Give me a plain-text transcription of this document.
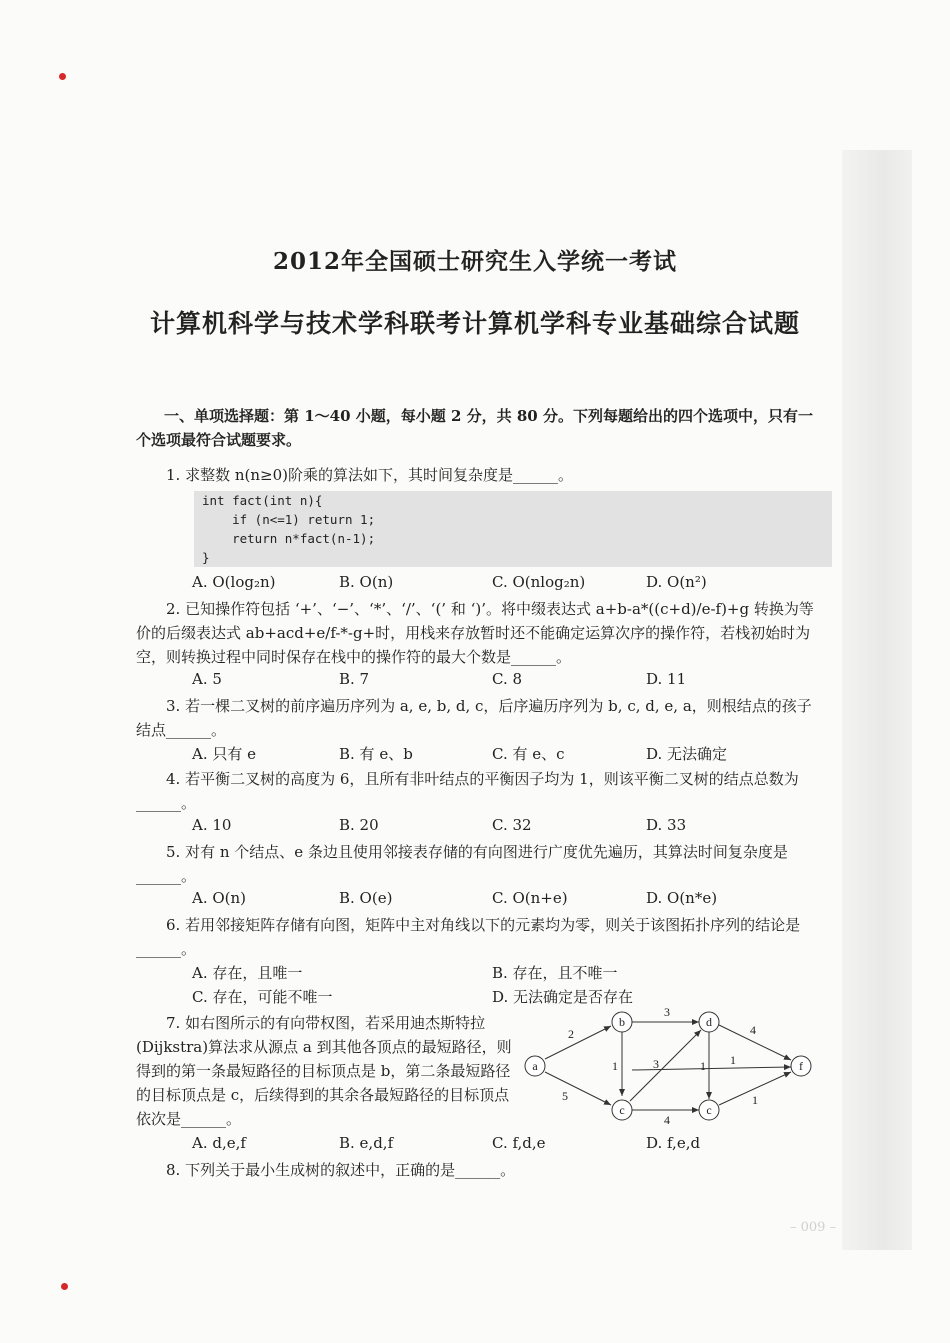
2012年全国硕士研究生入学统一考试
计算机科学与技术学科联考计算机学科专业基础综合试题
一、单项选择题：第 1～40 小题，每小题 2 分，共 80 分。下列每题给出的四个选项中，只有一个选项最符合试题要求。
1. 求整数 n(n≥0)阶乘的算法如下，其时间复杂度是______。
int fact(int n){
if (n<=1) return 1;
return n*fact(n-1);
}
A. O(log₂n)	B. O(n)	C. O(nlog₂n)	D. O(n²)
2. 已知操作符包括 ‘+’、‘−’、‘*’、‘/’、‘(’ 和 ‘)’。将中缀表达式 a+b-a*((c+d)/e-f)+g 转换为等价的后缀表达式 ab+acd+e/f-*-g+时，用栈来存放暂时还不能确定运算次序的操作符，若栈初始时为空，则转换过程中同时保存在栈中的操作符的最大个数是______。
A. 5	B. 7	C. 8	D. 11
3. 若一棵二叉树的前序遍历序列为 a, e, b, d, c，后序遍历序列为 b, c, d, e, a，则根结点的孩子结点______。
A. 只有 e	B. 有 e、b	C. 有 e、c	D. 无法确定
4. 若平衡二叉树的高度为 6，且所有非叶结点的平衡因子均为 1，则该平衡二叉树的结点总数为______。
A. 10	B. 20	C. 32	D. 33
5. 对有 n 个结点、e 条边且使用邻接表存储的有向图进行广度优先遍历，其算法时间复杂度是______。
A. O(n)	B. O(e)	C. O(n+e)	D. O(n*e)
6. 若用邻接矩阵存储有向图，矩阵中主对角线以下的元素均为零，则关于该图拓扑序列的结论是______。
A. 存在，且唯一	B. 存在，且不唯一
C. 存在，可能不唯一	D. 无法确定是否存在
7. 如右图所示的有向带权图，若采用迪杰斯特拉(Dijkstra)算法求从源点 a 到其他各顶点的最短路径，则得到的第一条最短路径的目标顶点是 b，第二条最短路径的目标顶点是 c，后续得到的其余各最短路径的目标顶点依次是______。
a
b
c
d
c
f
2
5
1
3
3
4
1
4
1
1
A. d,e,f	B. e,d,f	C. f,d,e	D. f,e,d
8. 下列关于最小生成树的叙述中，正确的是______。
– 009 –
